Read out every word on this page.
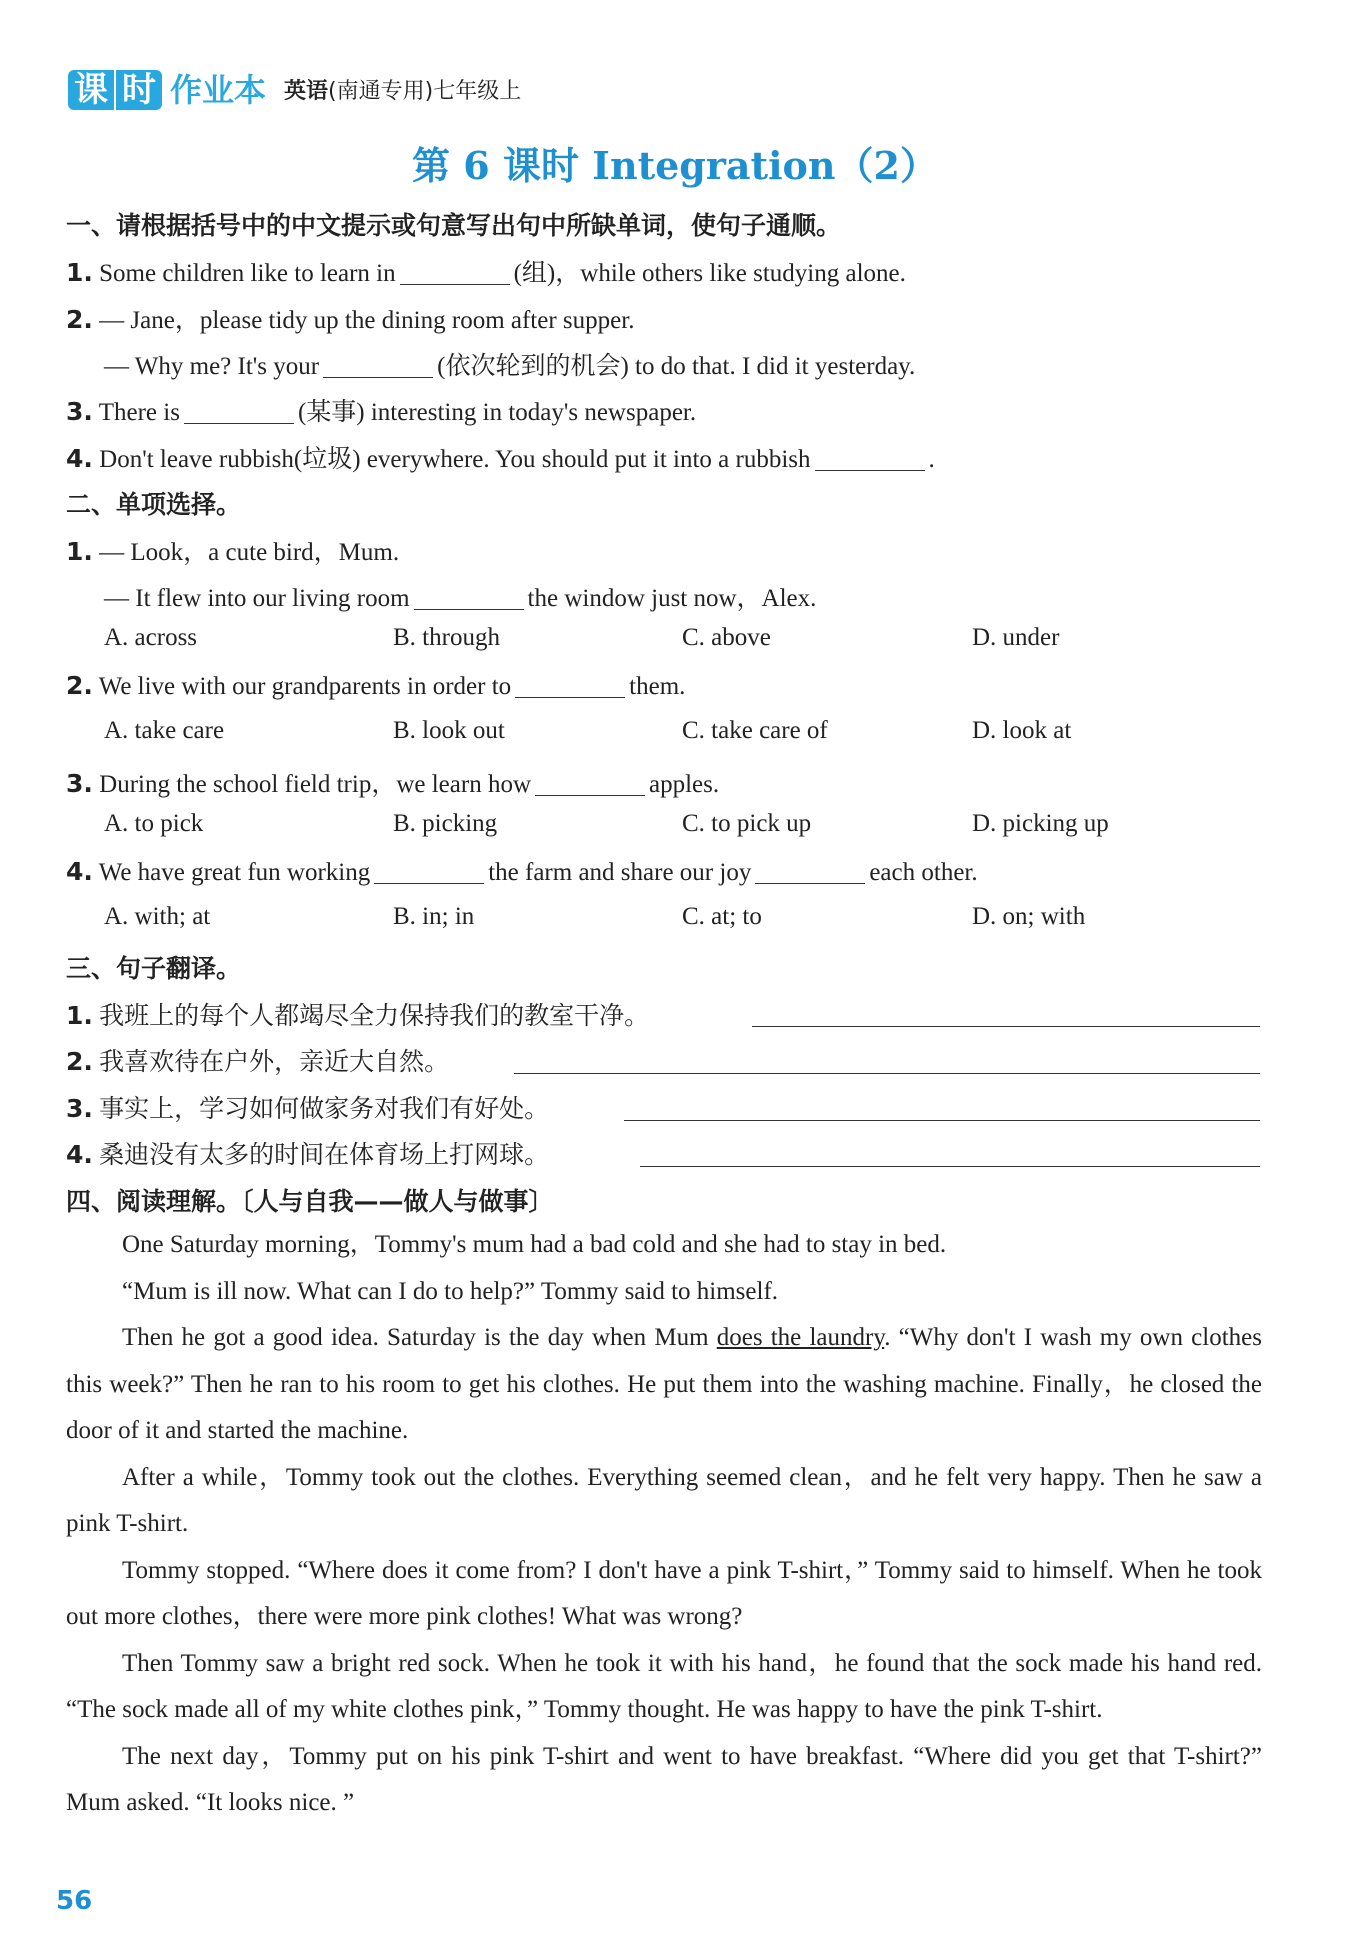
课 时 作业本 英语(南通专用)七年级上
第 6 课时 Integration（2）
一、请根据括号中的中文提示或句意写出句中所缺单词，使句子通顺。
1. Some children like to learn in	(组)，while others like studying alone.
2. — Jane，please tidy up the dining room after supper.
— Why me? It's your	(依次轮到的机会) to do that. I did it yesterday.
3. There is	(某事) interesting in today's newspaper.
4. Don't leave rubbish(垃圾) everywhere. You should put it into a rubbish	.
二、单项选择。
1. — Look，a cute bird，Mum.
— It flew into our living room	the window just now，Alex.
A. across	B. through	C. above	D. under
2. We live with our grandparents in order to	them.
A. take care	B. look out	C. take care of	D. look at
3. During the school field trip，we learn how	apples.
A. to pick	B. picking	C. to pick up	D. picking up
4. We have great fun working	the farm and share our joy	each other.
A. with; at	B. in; in	C. at; to	D. on; with
三、句子翻译。
1. 我班上的每个人都竭尽全力保持我们的教室干净。
2. 我喜欢待在户外，亲近大自然。
3. 事实上，学习如何做家务对我们有好处。
4. 桑迪没有太多的时间在体育场上打网球。
四、阅读理解。〔人与自我——做人与做事〕

One Saturday morning，Tommy's mum had a bad cold and she had to stay in bed.

“Mum is ill now. What can I do to help?” Tommy said to himself.

Then he got a good idea. Saturday is the day when Mum does the laundry. “Why don't I wash my own clothes this week?” Then he ran to his room to get his clothes. He put them into the washing machine. Finally，he closed the door of it and started the machine.

After a while，Tommy took out the clothes. Everything seemed clean，and he felt very happy. Then he saw a pink T-shirt.

Tommy stopped. “Where does it come from? I don't have a pink T-shirt，” Tommy said to himself. When he took out more clothes，there were more pink clothes! What was wrong?

Then Tommy saw a bright red sock. When he took it with his hand，he found that the sock made his hand red. “The sock made all of my white clothes pink，” Tommy thought. He was happy to have the pink T-shirt.

The next day，Tommy put on his pink T-shirt and went to have breakfast. “Where did you get that T-shirt?” Mum asked. “It looks nice. ”

56
